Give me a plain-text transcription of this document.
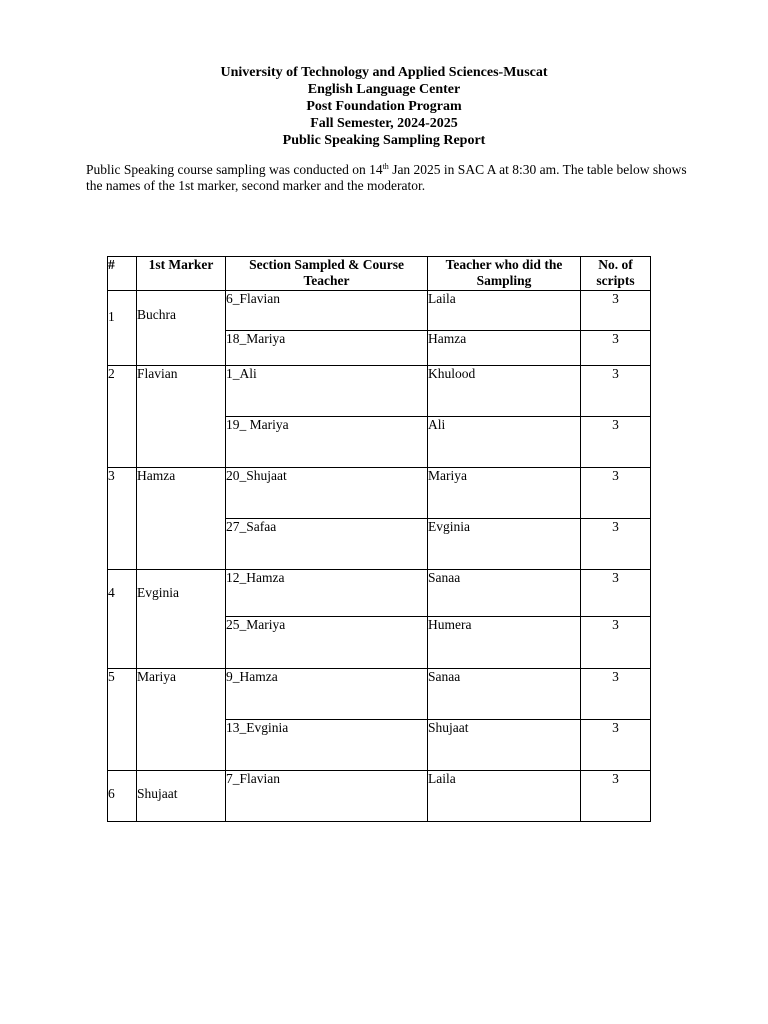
University of Technology and Applied Sciences-Muscat
English Language Center
Post Foundation Program
Fall Semester, 2024-2025
Public Speaking Sampling Report
Public Speaking course sampling was conducted on 14th Jan 2025 in SAC A at 8:30 am. The table below shows the names of the 1st marker, second marker and the moderator.
#	1st Marker	Section Sampled & Course Teacher	Teacher who did the Sampling	No. of scripts
1	Buchra	6_Flavian	Laila	3
		18_Mariya	Hamza	3
2	Flavian	1_Ali	Khulood	3
		19_ Mariya	Ali	3
3	Hamza	20_Shujaat	Mariya	3
		27_Safaa	Evginia	3
4	Evginia	12_Hamza	Sanaa	3
		25_Mariya	Humera	3
5	Mariya	9_Hamza	Sanaa	3
		13_Evginia	Shujaat	3
6	Shujaat	7_Flavian	Laila	3
